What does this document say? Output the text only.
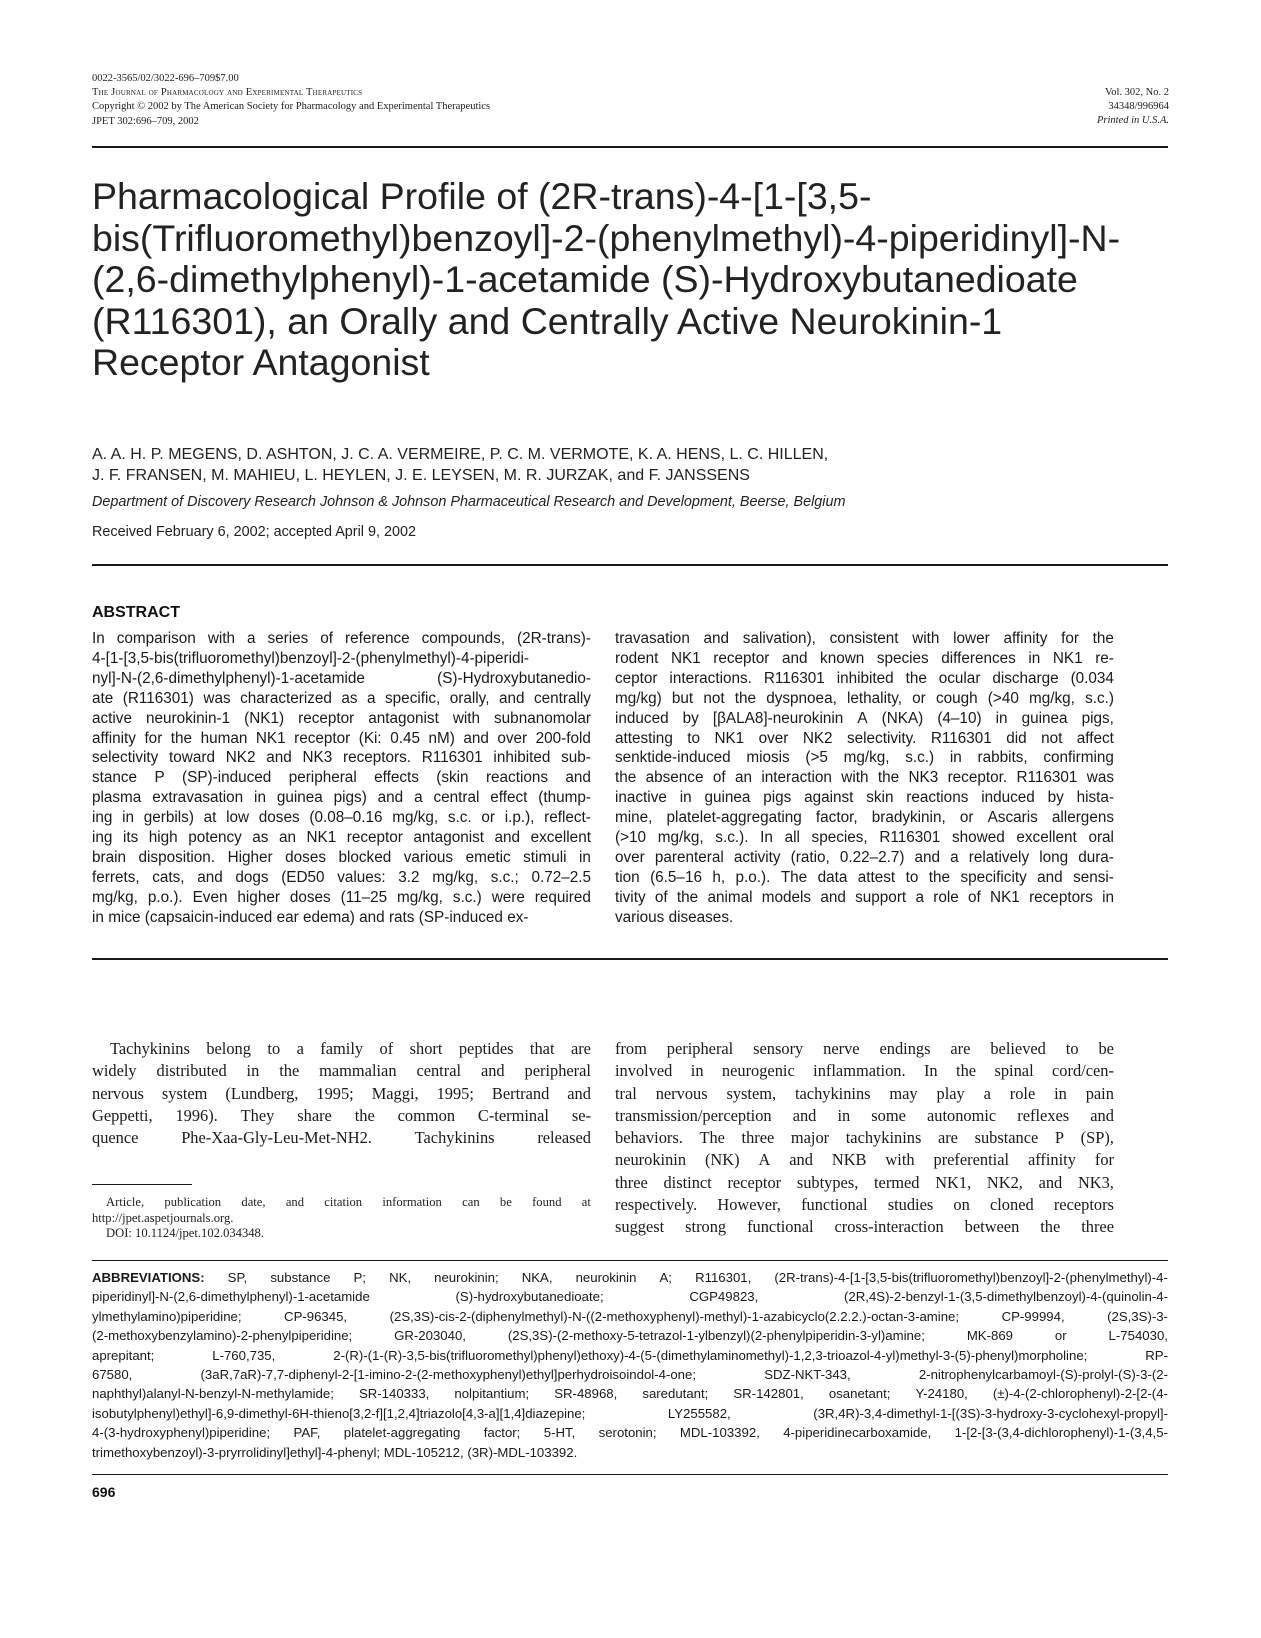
0022-3565/02/3022-696–709$7.00
The Journal of Pharmacology and Experimental Therapeutics
Copyright © 2002 by The American Society for Pharmacology and Experimental Therapeutics
JPET 302:696–709, 2002
Vol. 302, No. 2
34348/996964
Printed in U.S.A.
Pharmacological Profile of (2R-trans)-4-[1-[3,5-
bis(Trifluoromethyl)benzoyl]-2-(phenylmethyl)-4-piperidinyl]-N-
(2,6-dimethylphenyl)-1-acetamide (S)-Hydroxybutanedioate
(R116301), an Orally and Centrally Active Neurokinin-1
Receptor Antagonist
A. A. H. P. MEGENS, D. ASHTON, J. C. A. VERMEIRE, P. C. M. VERMOTE, K. A. HENS, L. C. HILLEN,
J. F. FRANSEN, M. MAHIEU, L. HEYLEN, J. E. LEYSEN, M. R. JURZAK, and F. JANSSENS
Department of Discovery Research Johnson & Johnson Pharmaceutical Research and Development, Beerse, Belgium
Received February 6, 2002; accepted April 9, 2002
ABSTRACT
In comparison with a series of reference compounds, (2R-trans)-
4-[1-[3,5-bis(trifluoromethyl)benzoyl]-2-(phenylmethyl)-4-piperidi-
nyl]-N-(2,6-dimethylphenyl)-1-acetamide	(S)-Hydroxybutanedio-
ate (R116301) was characterized as a specific, orally, and centrally
active neurokinin-1 (NK1) receptor antagonist with subnanomolar
affinity for the human NK1 receptor (Ki: 0.45 nM) and over 200-fold
selectivity toward NK2 and NK3 receptors. R116301 inhibited sub-
stance P (SP)-induced peripheral effects (skin reactions and
plasma extravasation in guinea pigs) and a central effect (thump-
ing in gerbils) at low doses (0.08–0.16 mg/kg, s.c. or i.p.), reflect-
ing its high potency as an NK1 receptor antagonist and excellent
brain disposition. Higher doses blocked various emetic stimuli in
ferrets, cats, and dogs (ED50 values: 3.2 mg/kg, s.c.; 0.72–2.5
mg/kg, p.o.). Even higher doses (11–25 mg/kg, s.c.) were required
in mice (capsaicin-induced ear edema) and rats (SP-induced ex-
travasation and salivation), consistent with lower affinity for the
rodent NK1 receptor and known species differences in NK1 re-
ceptor interactions. R116301 inhibited the ocular discharge (0.034
mg/kg) but not the dyspnoea, lethality, or cough (>40 mg/kg, s.c.)
induced by [βALA8]-neurokinin A (NKA) (4–10) in guinea pigs,
attesting to NK1 over NK2 selectivity. R116301 did not affect
senktide-induced miosis (>5 mg/kg, s.c.) in rabbits, confirming
the absence of an interaction with the NK3 receptor. R116301 was
inactive in guinea pigs against skin reactions induced by hista-
mine, platelet-aggregating factor, bradykinin, or Ascaris allergens
(>10 mg/kg, s.c.). In all species, R116301 showed excellent oral
over parenteral activity (ratio, 0.22–2.7) and a relatively long dura-
tion (6.5–16 h, p.o.). The data attest to the specificity and sensi-
tivity of the animal models and support a role of NK1 receptors in
various diseases.
Tachykinins belong to a family of short peptides that are
widely distributed in the mammalian central and peripheral
nervous system (Lundberg, 1995; Maggi, 1995; Bertrand and
Geppetti, 1996). They share the common C-terminal se-
quence	Phe-Xaa-Gly-Leu-Met-NH2.	Tachykinins	released
from peripheral sensory nerve endings are believed to be
involved in neurogenic inflammation. In the spinal cord/cen-
tral nervous system, tachykinins may play a role in pain
transmission/perception and in some autonomic reflexes and
behaviors. The three major tachykinins are substance P (SP),
neurokinin (NK) A and NKB with preferential affinity for
three distinct receptor subtypes, termed NK1, NK2, and NK3,
respectively. However, functional studies on cloned receptors
suggest strong functional cross-interaction between the three
Article, publication date, and citation information can be found at
http://jpet.aspetjournals.org.
DOI: 10.1124/jpet.102.034348.
ABBREVIATIONS: SP, substance P; NK, neurokinin; NKA, neurokinin A; R116301, (2R-trans)-4-[1-[3,5-bis(trifluoromethyl)benzoyl]-2-(phenylmethyl)-4-
piperidinyl]-N-(2,6-dimethylphenyl)-1-acetamide	(S)-hydroxybutanedioate;	CGP49823,	(2R,4S)-2-benzyl-1-(3,5-dimethylbenzoyl)-4-(quinolin-4-
ylmethylamino)piperidine;	CP-96345,	(2S,3S)-cis-2-(diphenylmethyl)-N-((2-methoxyphenyl)-methyl)-1-azabicyclo(2.2.2.)-octan-3-amine;	CP-99994,	(2S,3S)-3-
(2-methoxybenzylamino)-2-phenylpiperidine;	GR-203040,	(2S,3S)-(2-methoxy-5-tetrazol-1-ylbenzyl)(2-phenylpiperidin-3-yl)amine;	MK-869	or	L-754030,
aprepitant;	L-760,735,	2-(R)-(1-(R)-3,5-bis(trifluoromethyl)phenyl)ethoxy)-4-(5-(dimethylaminomethyl)-1,2,3-trioazol-4-yl)methyl-3-(5)-phenyl)morpholine;	RP-
67580,	(3aR,7aR)-7,7-diphenyl-2-[1-imino-2-(2-methoxyphenyl)ethyl]perhydroisoindol-4-one;	SDZ-NKT-343,	2-nitrophenylcarbamoyl-(S)-prolyl-(S)-3-(2-
naphthyl)alanyl-N-benzyl-N-methylamide; SR-140333, nolpitantium; SR-48968, saredutant; SR-142801, osanetant; Y-24180, (±)-4-(2-chlorophenyl)-2-[2-(4-
isobutylphenyl)ethyl]-6,9-dimethyl-6H-thieno[3,2-f][1,2,4]triazolo[4,3-a][1,4]diazepine;	LY255582,	(3R,4R)-3,4-dimethyl-1-[(3S)-3-hydroxy-3-cyclohexyl-propyl]-
4-(3-hydroxyphenyl)piperidine; PAF, platelet-aggregating factor; 5-HT, serotonin; MDL-103392, 4-piperidinecarboxamide, 1-[2-[3-(3,4-dichlorophenyl)-1-(3,4,5-
trimethoxybenzoyl)-3-pryrrolidinyl]ethyl]-4-phenyl; MDL-105212, (3R)-MDL-103392.
696
